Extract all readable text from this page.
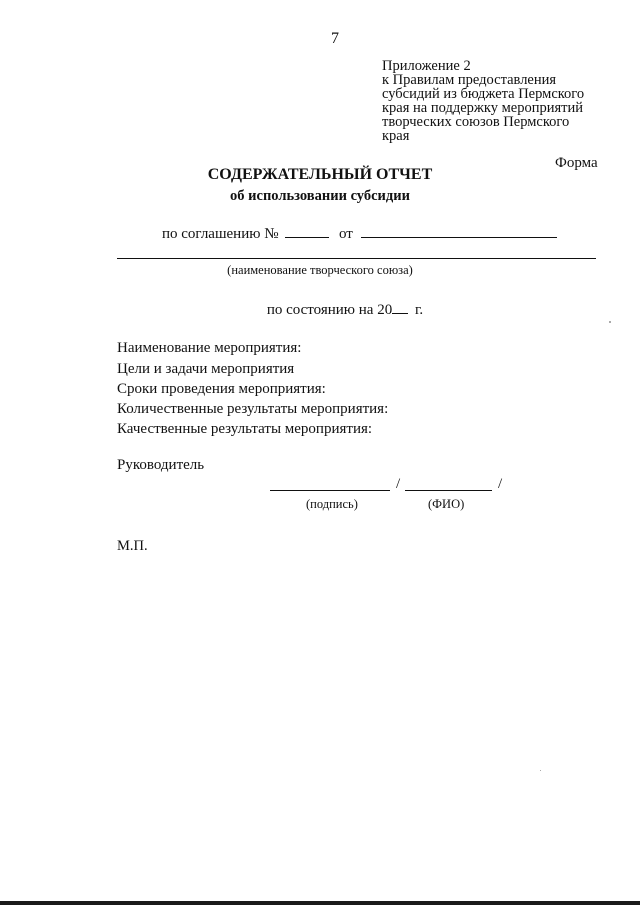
7
Приложение 2
к Правилам предоставления
субсидий из бюджета Пермского
края на поддержку мероприятий
творческих союзов Пермского
края
Форма
СОДЕРЖАТЕЛЬНЫЙ ОТЧЕТ
об использовании субсидии
по соглашению №	от
(наименование творческого союза)
по состоянию на 20 г.
Наименование мероприятия:
Цели и задачи мероприятия
Сроки проведения мероприятия:
Количественные результаты мероприятия:
Качественные результаты мероприятия:
Руководитель
/	/
(подпись)	(ФИО)
М.П.
